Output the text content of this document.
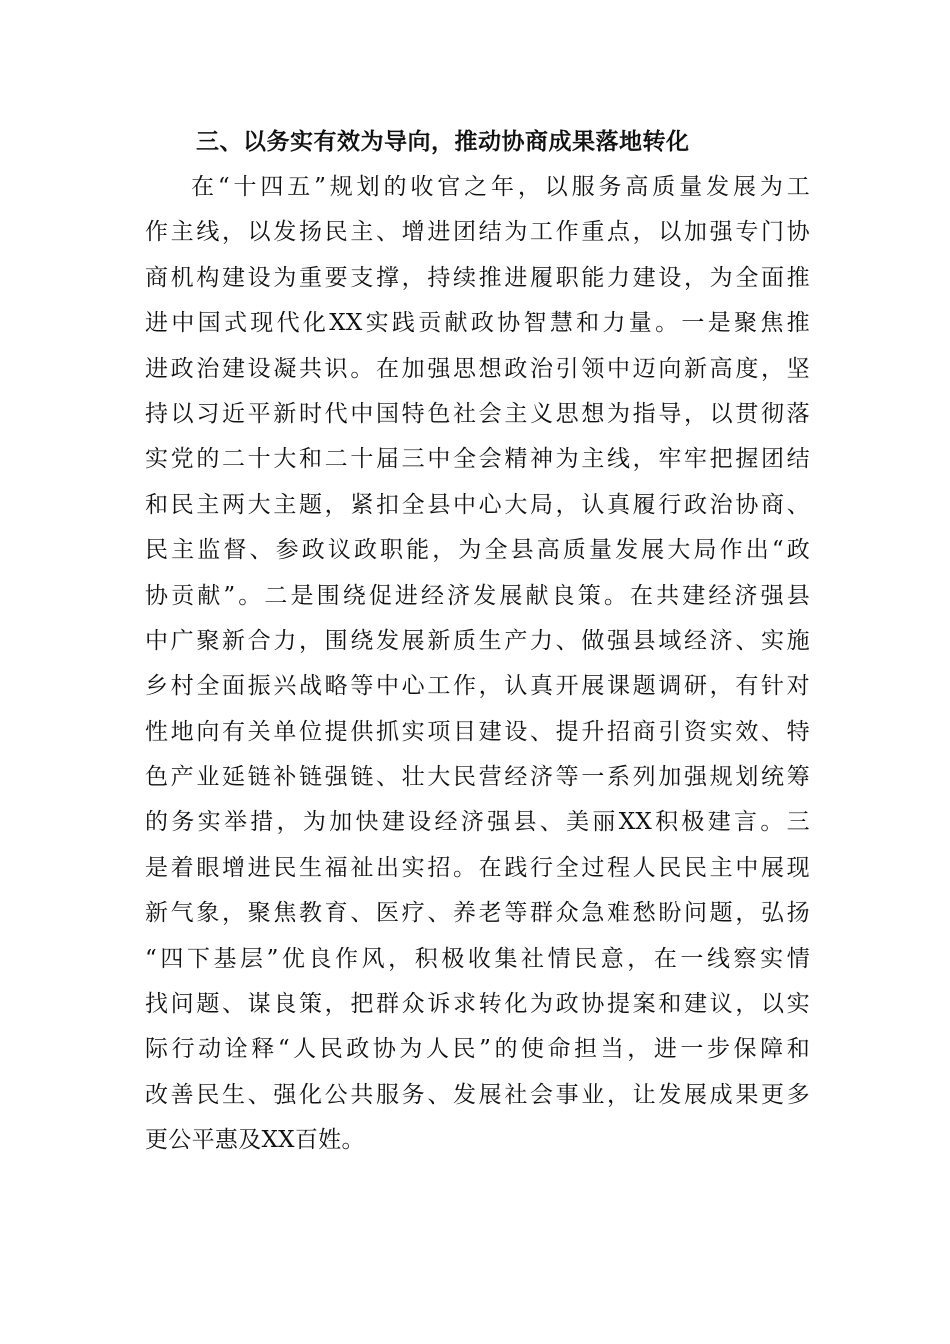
三、以务实有效为导向，推动协商成果落地转化
在“十四五”规划的收官之年，以服务高质量发展为工
作主线，以发扬民主、增进团结为工作重点，以加强专门协
商机构建设为重要支撑，持续推进履职能力建设，为全面推
进中国式现代化XX实践贡献政协智慧和力量。一是聚焦推
进政治建设凝共识。在加强思想政治引领中迈向新高度，坚
持以习近平新时代中国特色社会主义思想为指导，以贯彻落
实党的二十大和二十届三中全会精神为主线，牢牢把握团结
和民主两大主题，紧扣全县中心大局，认真履行政治协商、
民主监督、参政议政职能，为全县高质量发展大局作出“政
协贡献”。二是围绕促进经济发展献良策。在共建经济强县
中广聚新合力，围绕发展新质生产力、做强县域经济、实施
乡村全面振兴战略等中心工作，认真开展课题调研，有针对
性地向有关单位提供抓实项目建设、提升招商引资实效、特
色产业延链补链强链、壮大民营经济等一系列加强规划统筹
的务实举措，为加快建设经济强县、美丽XX积极建言。三
是着眼增进民生福祉出实招。在践行全过程人民民主中展现
新气象，聚焦教育、医疗、养老等群众急难愁盼问题，弘扬
“四下基层”优良作风，积极收集社情民意，在一线察实情
找问题、谋良策，把群众诉求转化为政协提案和建议，以实
际行动诠释“人民政协为人民”的使命担当，进一步保障和
改善民生、强化公共服务、发展社会事业，让发展成果更多
更公平惠及XX百姓。
